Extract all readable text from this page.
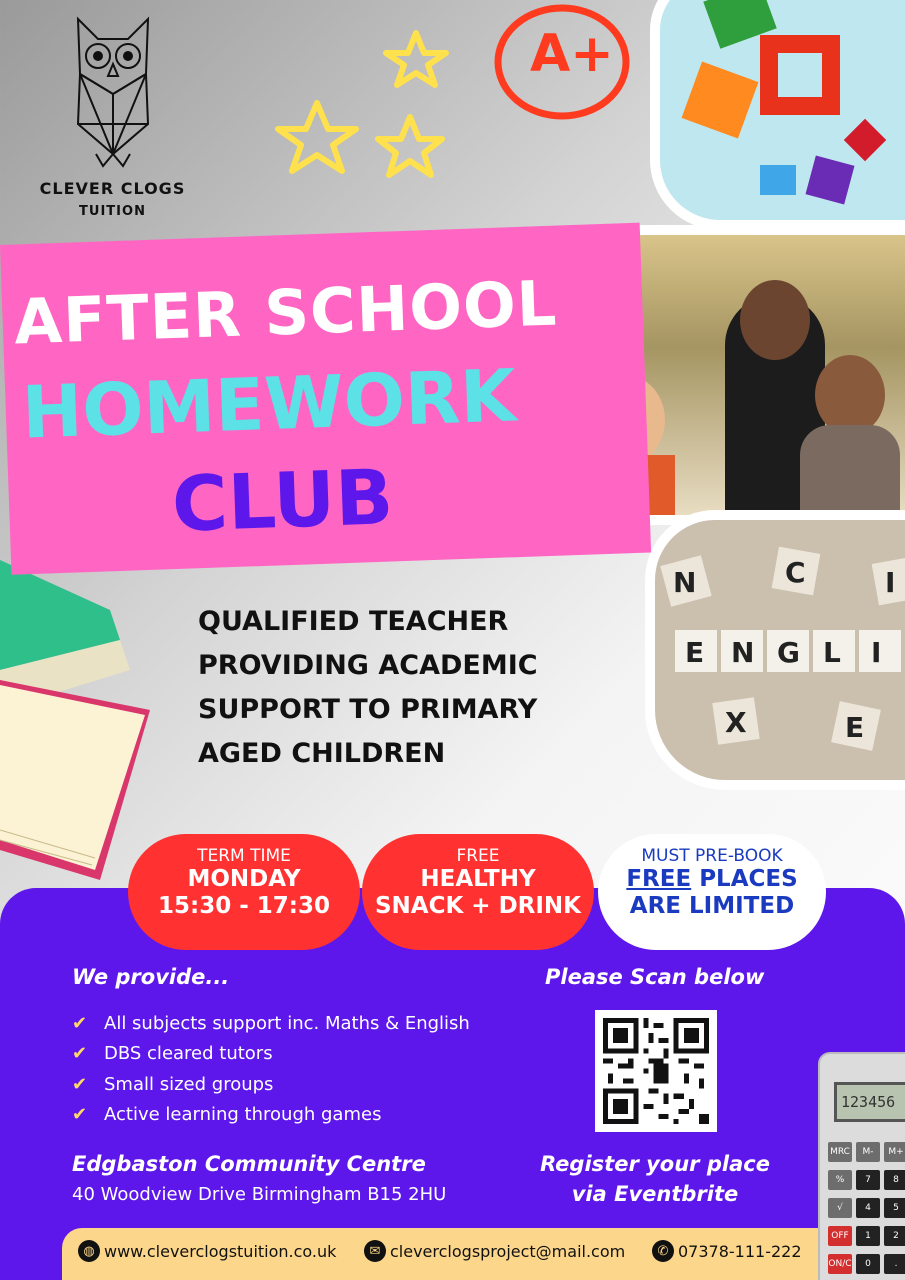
CLEVER CLOGS
TUITION
A+
E N G L I
N	C
X	E
I
AFTER SCHOOL
HOMEWORK
CLUB
QUALIFIED TEACHER
PROVIDING ACADEMIC
SUPPORT TO PRIMARY
AGED CHILDREN
TERM TIME
MONDAY
15:30 - 17:30
FREE
HEALTHY
SNACK + DRINK
MUST PRE-BOOK
FREE PLACES
ARE LIMITED
We provide...
✔ All subjects support inc. Maths & English
✔ DBS cleared tutors
✔ Small sized groups
✔ Active learning through games
Please Scan below
Edgbaston Community Centre
40 Woodview Drive Birmingham B15 2HU
Register your place
via Eventbrite
◍ www.cleverclogstuition.co.uk	✉ cleverclogsproject@mail.com	✆ 07378-111-222
123456
MRC	M-	M+
%	7	8
√	4	5
OFF	1	2
ON/C	0	.
